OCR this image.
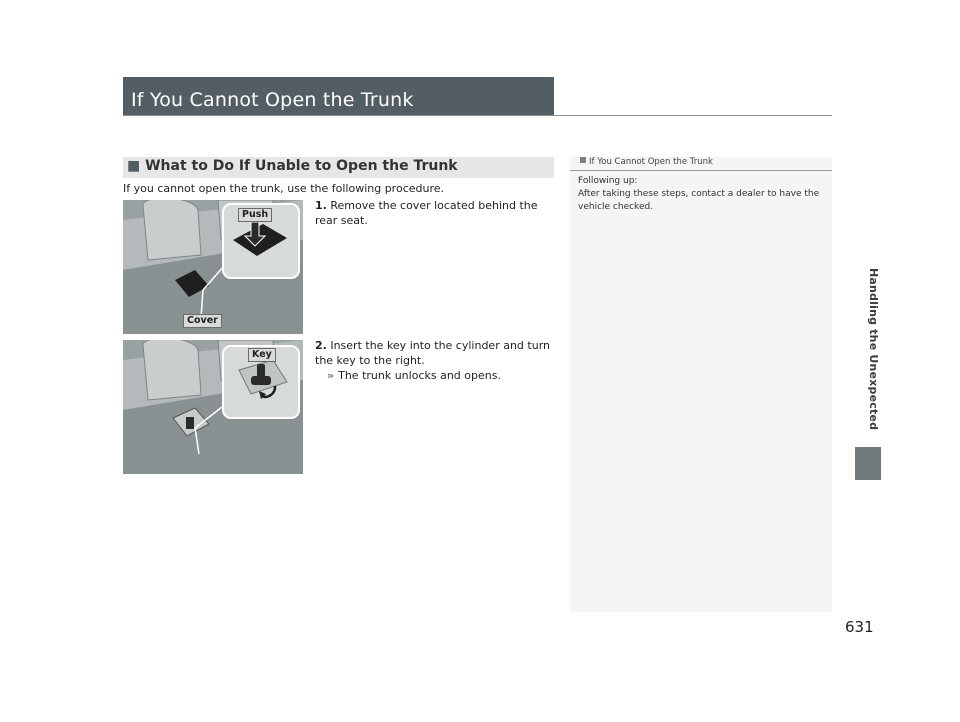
If You Cannot Open the Trunk
Handling the Unexpected
631
■ What to Do If Unable to Open the Trunk
If you cannot open the trunk, use the following procedure.
Push
Cover
1. Remove the cover located behind the rear seat.
Key
2. Insert the key into the cylinder and turn the key to the right.
» The trunk unlocks and opens.
If You Cannot Open the Trunk
Following up:
After taking these steps, contact a dealer to have the vehicle checked.
